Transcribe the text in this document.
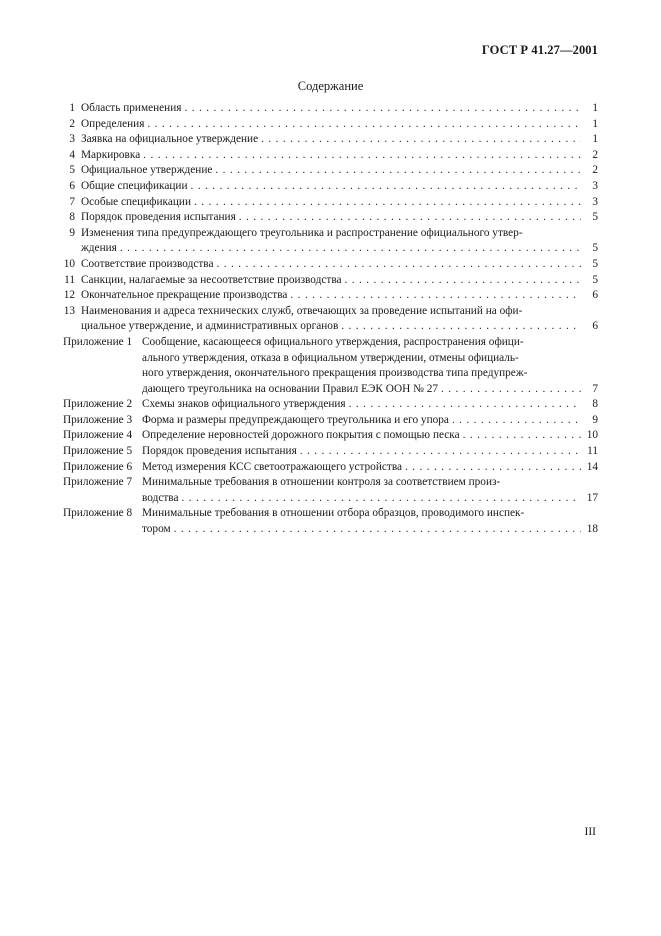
ГОСТ Р 41.27—2001
Содержание
1 Область применения . . .	1
2 Определения . . .	1
3 Заявка на официальное утверждение . . .	1
4 Маркировка . . .	2
5 Официальное утверждение . . .	2
6 Общие спецификации . . .	3
7 Особые спецификации . . .	3
8 Порядок проведения испытания . . .	5
9 Изменения типа предупреждающего треугольника и распространение официального утвер-
ждения . . .	5
10 Соответствие производства . . .	5
11 Санкции, налагаемые за несоответствие производства . . .	5
12 Окончательное прекращение производства . . .	6
13 Наименования и адреса технических служб, отвечающих за проведение испытаний на офи-
циальное утверждение, и административных органов . . .	6
Приложение 1 Сообщение, касающееся официального утверждения, распространения офици-
ального утверждения, отказа в официальном утверждении, отмены официаль-
ного утверждения, окончательного прекращения производства типа предупреж-
дающего треугольника на основании Правил ЕЭК ООН № 27 . . .	7
Приложение 2 Схемы знаков официального утверждения . . .	8
Приложение 3 Форма и размеры предупреждающего треугольника и его упора . . .	9
Приложение 4 Определение неровностей дорожного покрытия с помощью песка . . .	10
Приложение 5 Порядок проведения испытания . . .	11
Приложение 6 Метод измерения КСС светоотражающего устройства . . .	14
Приложение 7 Минимальные требования в отношении контроля за соответствием произ-
водства . . .	17
Приложение 8 Минимальные требования в отношении отбора образцов, проводимого инспек-
тором . . .	18
III
